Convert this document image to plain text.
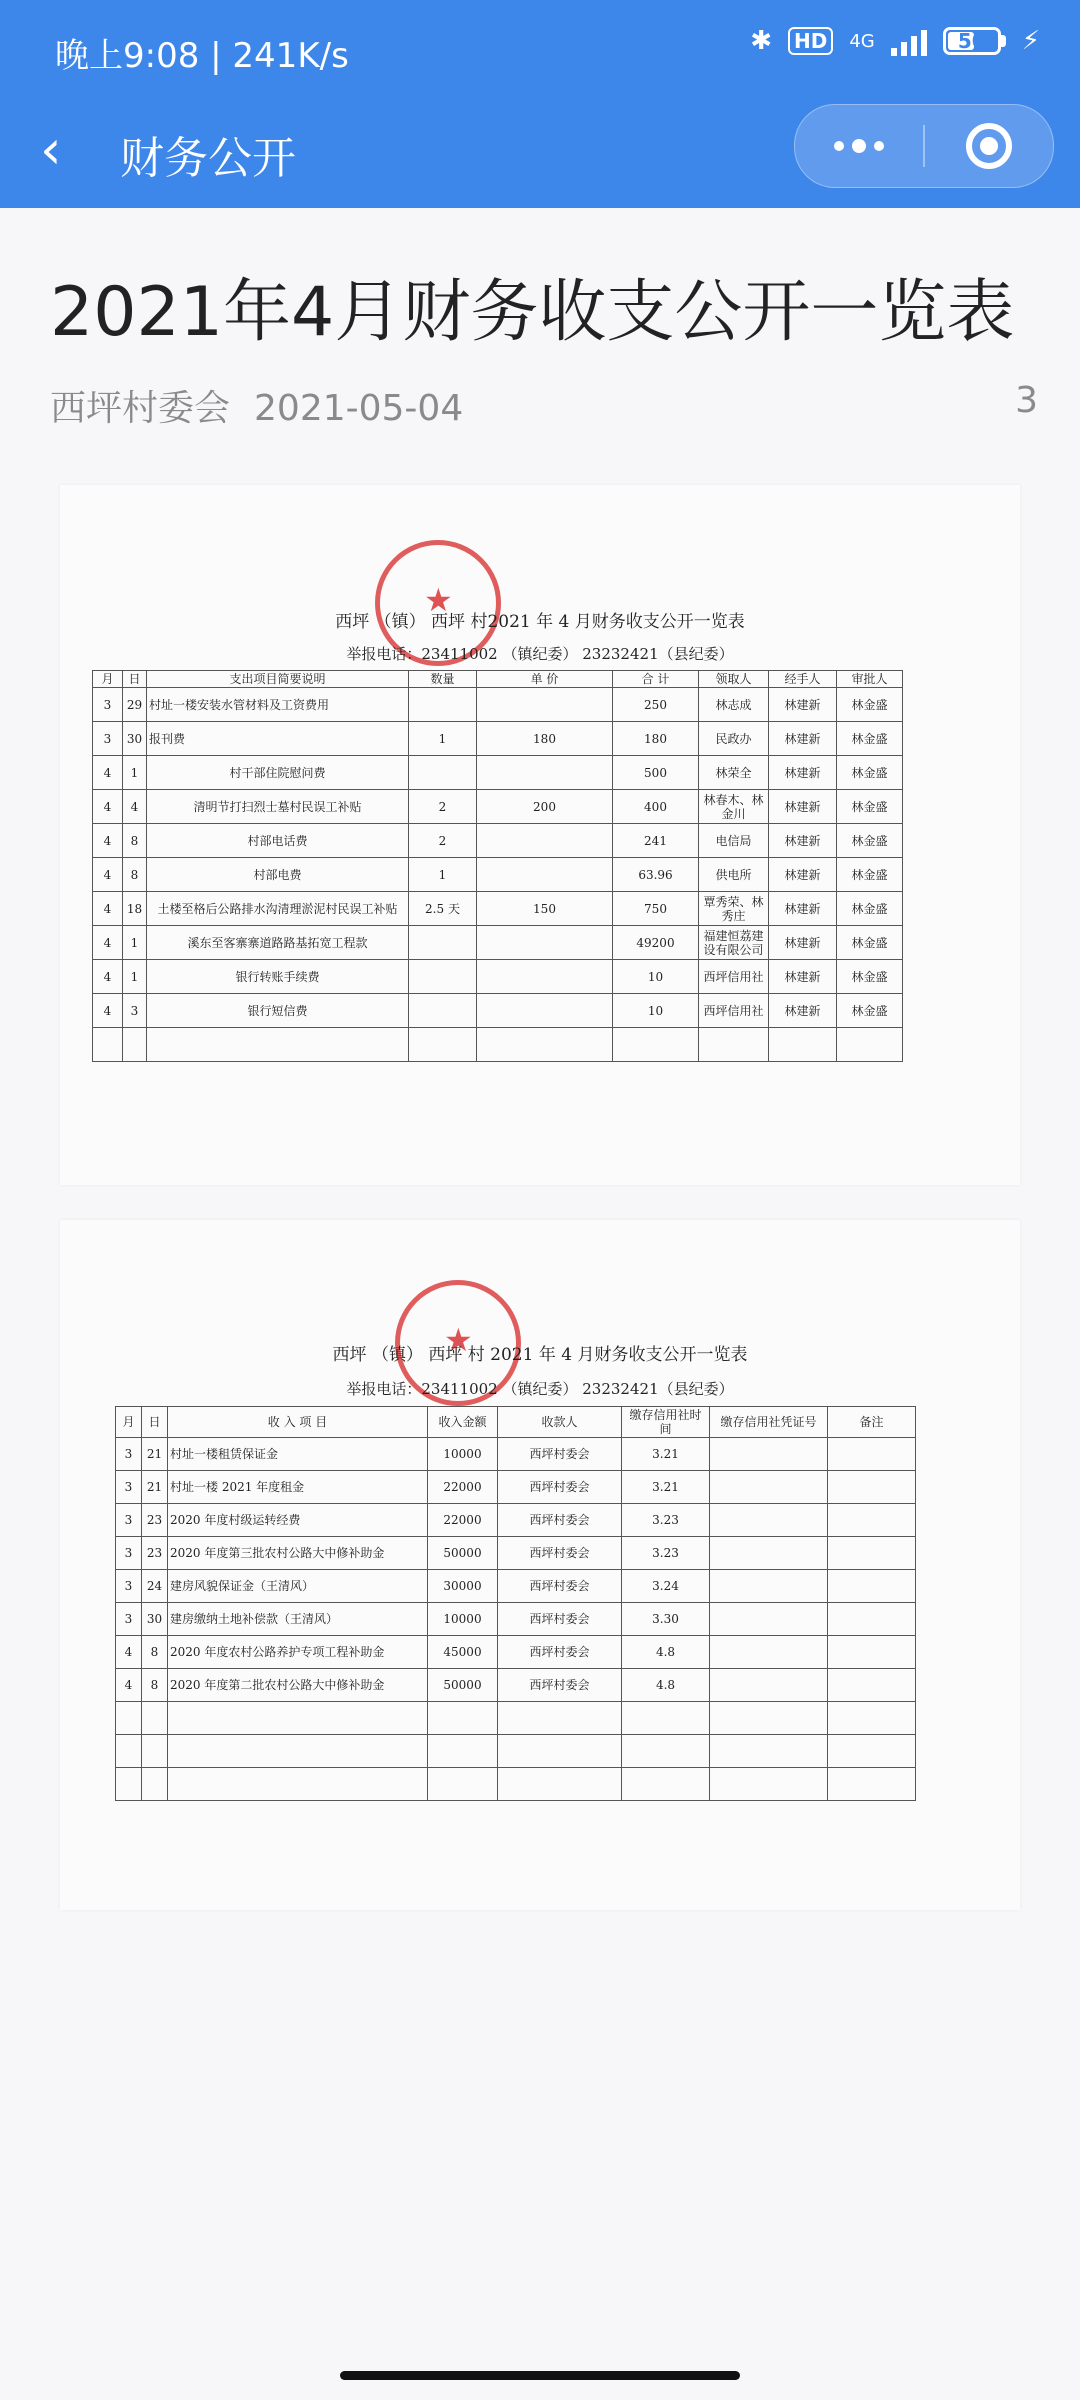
晚上9:08 | 241K/s	✱	HD	4G	50	⚡
‹ 财务公开
2021年4月财务收支公开一览表
西坪村委会 2021-05-04	3
★
西坪 （镇） 西坪 村2021 年 4 月财务收支公开一览表
举报电话：23411002 （镇纪委） 23232421（县纪委）
月	日	支出项目简要说明	数量	单 价	合 计	领取人	经手人	审批人
3	29	村址一楼安装水管材料及工资费用			250	林志成	林建新	林金盛
3	30	报刊费	1	180	180	民政办	林建新	林金盛
4	1	村干部住院慰问费			500	林荣全	林建新	林金盛
4	4	清明节打扫烈士墓村民误工补贴	2	200	400	林春木、林金川	林建新	林金盛
4	8	村部电话费	2		241	电信局	林建新	林金盛
4	8	村部电费	1		63.96	供电所	林建新	林金盛
4	18	土楼至格后公路排水沟清理淤泥村民误工补贴	2.5 天	150	750	覃秀荣、林秀庄	林建新	林金盛
4	1	溪东至客寨寨道路路基拓宽工程款			49200	福建恒荔建设有限公司	林建新	林金盛
4	1	银行转账手续费			10	西坪信用社	林建新	林金盛
4	3	银行短信费			10	西坪信用社	林建新	林金盛

★
西坪 （镇） 西坪 村 2021 年 4 月财务收支公开一览表
举报电话：23411002 （镇纪委） 23232421（县纪委）
月	日	收 入 项 目	收入金额	收款人	缴存信用社时间	缴存信用社凭证号	备注
3	21	村址一楼租赁保证金	10000	西坪村委会	3.21		
3	21	村址一楼 2021 年度租金	22000	西坪村委会	3.21		
3	23	2020 年度村级运转经费	22000	西坪村委会	3.23		
3	23	2020 年度第三批农村公路大中修补助金	50000	西坪村委会	3.23		
3	24	建房风貌保证金（王清风）	30000	西坪村委会	3.24		
3	30	建房缴纳土地补偿款（王清风）	10000	西坪村委会	3.30		
4	8	2020 年度农村公路养护专项工程补助金	45000	西坪村委会	4.8		
4	8	2020 年度第二批农村公路大中修补助金	50000	西坪村委会	4.8		
